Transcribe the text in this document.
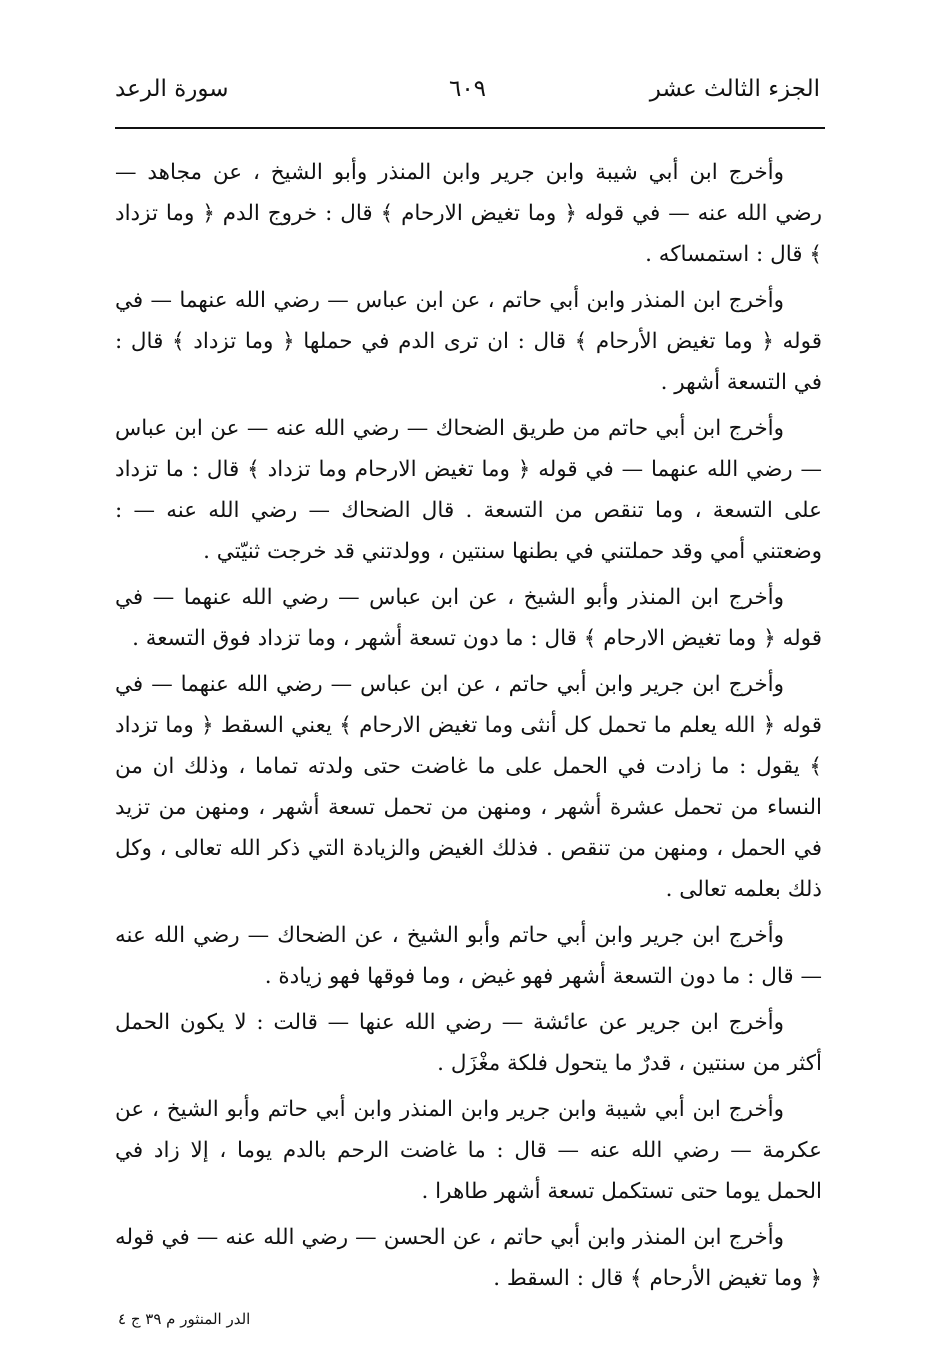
الجزء الثالث عشر
٦٠٩
سورة الرعد

وأخرج ابن أبي شيبة وابن جرير وابن المنذر وأبو الشيخ ، عن مجاهد — رضي الله عنه — في قوله ﴿ وما تغيض الارحام ﴾ قال : خروج الدم ﴿ وما تزداد ﴾ قال : استمساكه .

وأخرج ابن المنذر وابن أبي حاتم ، عن ابن عباس — رضي الله عنهما — في قوله ﴿ وما تغيض الأرحام ﴾ قال : ان ترى الدم في حملها ﴿ وما تزداد ﴾ قال : في التسعة أشهر .

وأخرج ابن أبي حاتم من طريق الضحاك — رضي الله عنه — عن ابن عباس — رضي الله عنهما — في قوله ﴿ وما تغيض الارحام وما تزداد ﴾ قال : ما تزداد على التسعة ، وما تنقص من التسعة . قال الضحاك — رضي الله عنه — : وضعتني أمي وقد حملتني في بطنها سنتين ، وولدتني قد خرجت ثنيّتي .

وأخرج ابن المنذر وأبو الشيخ ، عن ابن عباس — رضي الله عنهما — في قوله ﴿ وما تغيض الارحام ﴾ قال : ما دون تسعة أشهر ، وما تزداد فوق التسعة .

وأخرج ابن جرير وابن أبي حاتم ، عن ابن عباس — رضي الله عنهما — في قوله ﴿ الله يعلم ما تحمل كل أنثى وما تغيض الارحام ﴾ يعني السقط ﴿ وما تزداد ﴾ يقول : ما زادت في الحمل على ما غاضت حتى ولدته تماما ، وذلك ان من النساء من تحمل عشرة أشهر ، ومنهن من تحمل تسعة أشهر ، ومنهن من تزيد في الحمل ، ومنهن من تنقص . فذلك الغيض والزيادة التي ذكر الله تعالى ، وكل ذلك بعلمه تعالى .

وأخرج ابن جرير وابن أبي حاتم وأبو الشيخ ، عن الضحاك — رضي الله عنه — قال : ما دون التسعة أشهر فهو غيض ، وما فوقها فهو زيادة .

وأخرج ابن جرير عن عائشة — رضي الله عنها — قالت : لا يكون الحمل أكثر من سنتين ، قدرٌ ما يتحول فلكة مغْزَل .

وأخرج ابن أبي شيبة وابن جرير وابن المنذر وابن أبي حاتم وأبو الشيخ ، عن عكرمة — رضي الله عنه — قال : ما غاضت الرحم بالدم يوما ، إلا زاد في الحمل يوما حتى تستكمل تسعة أشهر طاهرا .

وأخرج ابن المنذر وابن أبي حاتم ، عن الحسن — رضي الله عنه — في قوله ﴿ وما تغيض الأرحام ﴾ قال : السقط .

الدر المنثور م ٣٩ ج ٤
